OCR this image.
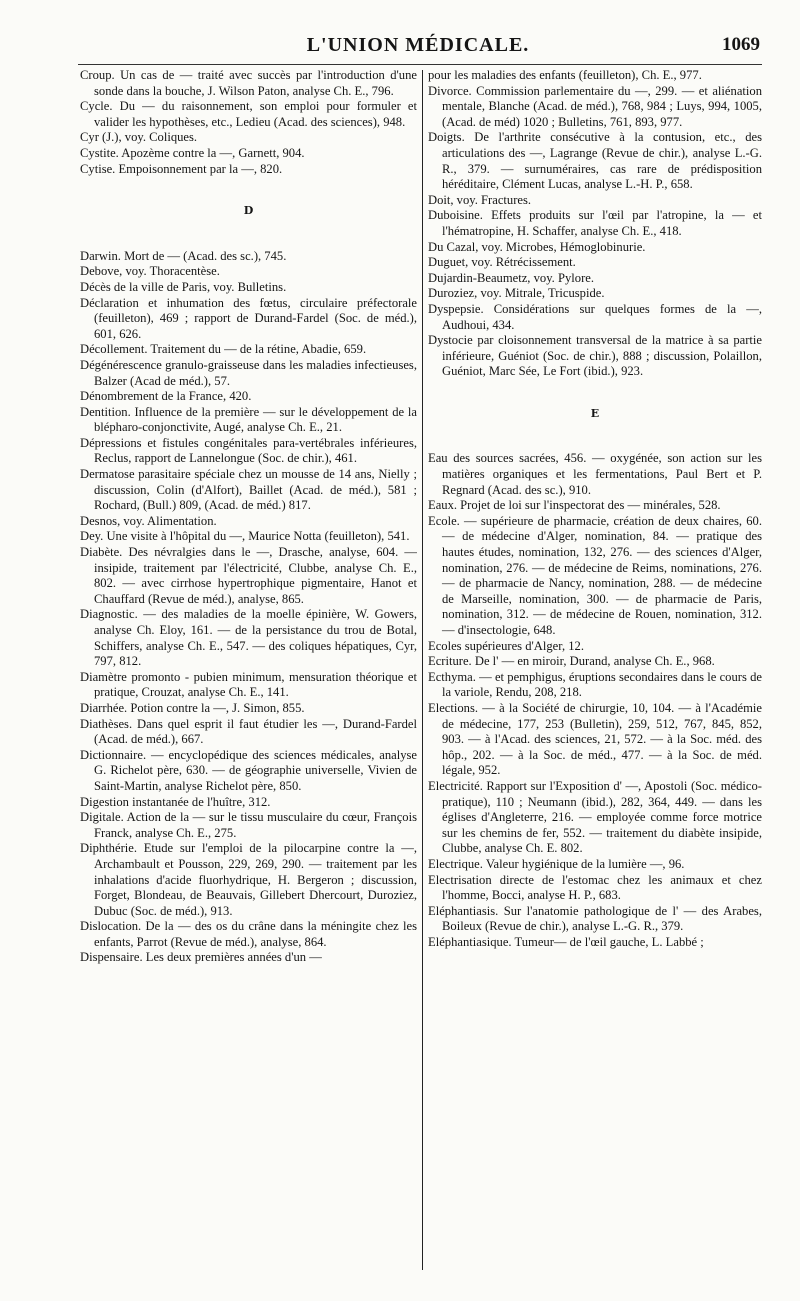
L'UNION MÉDICALE.	1069

Croup. Un cas de — traité avec succès par l'introduction d'une sonde dans la bouche, J. Wilson Paton, analyse Ch. E., 796.

Cycle. Du — du raisonnement, son emploi pour formuler et valider les hypothèses, etc., Ledieu (Acad. des sciences), 948.

Cyr (J.), voy. Coliques.

Cystite. Apozème contre la —, Garnett, 904.

Cytise. Empoisonnement par la —, 820.

D

Darwin. Mort de — (Acad. des sc.), 745.

Debove, voy. Thoracentèse.

Décès de la ville de Paris, voy. Bulletins.

Déclaration et inhumation des fœtus, circulaire préfectorale (feuilleton), 469 ; rapport de Durand-Fardel (Soc. de méd.), 601, 626.

Décollement. Traitement du — de la rétine, Abadie, 659.

Dégénérescence granulo-graisseuse dans les maladies infectieuses, Balzer (Acad de méd.), 57.

Dénombrement de la France, 420.

Dentition. Influence de la première — sur le développement de la blépharo-conjonctivite, Augé, analyse Ch. E., 21.

Dépressions et fistules congénitales para-vertébrales inférieures, Reclus, rapport de Lannelongue (Soc. de chir.), 461.

Dermatose parasitaire spéciale chez un mousse de 14 ans, Nielly ; discussion, Colin (d'Alfort), Baillet (Acad. de méd.), 581 ; Rochard, (Bull.) 809, (Acad. de méd.) 817.

Desnos, voy. Alimentation.

Dey. Une visite à l'hôpital du —, Maurice Notta (feuilleton), 541.

Diabète. Des névralgies dans le —, Drasche, analyse, 604. — insipide, traitement par l'électricité, Clubbe, analyse Ch. E., 802. — avec cirrhose hypertrophique pigmentaire, Hanot et Chauffard (Revue de méd.), analyse, 865.

Diagnostic. — des maladies de la moelle épinière, W. Gowers, analyse Ch. Eloy, 161. — de la persistance du trou de Botal, Schiffers, analyse Ch. E., 547. — des coliques hépatiques, Cyr, 797, 812.

Diamètre promonto - pubien minimum, mensuration théorique et pratique, Crouzat, analyse Ch. E., 141.

Diarrhée. Potion contre la —, J. Simon, 855.

Diathèses. Dans quel esprit il faut étudier les —, Durand-Fardel (Acad. de méd.), 667.

Dictionnaire. — encyclopédique des sciences médicales, analyse G. Richelot père, 630. — de géographie universelle, Vivien de Saint-Martin, analyse Richelot père, 850.

Digestion instantanée de l'huître, 312.

Digitale. Action de la — sur le tissu musculaire du cœur, François Franck, analyse Ch. E., 275.

Diphthérie. Etude sur l'emploi de la pilocarpine contre la —, Archambault et Pousson, 229, 269, 290. — traitement par les inhalations d'acide fluorhydrique, H. Bergeron ; discussion, Forget, Blondeau, de Beauvais, Gillebert Dhercourt, Duroziez, Dubuc (Soc. de méd.), 913.

Dislocation. De la — des os du crâne dans la méningite chez les enfants, Parrot (Revue de méd.), analyse, 864.

Dispensaire. Les deux premières années d'un —

pour les maladies des enfants (feuilleton), Ch. E., 977.

Divorce. Commission parlementaire du —, 299. — et aliénation mentale, Blanche (Acad. de méd.), 768, 984 ; Luys, 994, 1005, (Acad. de méd) 1020 ; Bulletins, 761, 893, 977.

Doigts. De l'arthrite consécutive à la contusion, etc., des articulations des —, Lagrange (Revue de chir.), analyse L.-G. R., 379. — surnuméraires, cas rare de prédisposition héréditaire, Clément Lucas, analyse L.-H. P., 658.

Doit, voy. Fractures.

Duboisine. Effets produits sur l'œil par l'atropine, la — et l'hématropine, H. Schaffer, analyse Ch. E., 418.

Du Cazal, voy. Microbes, Hémoglobinurie.

Duguet, voy. Rétrécissement.

Dujardin-Beaumetz, voy. Pylore.

Duroziez, voy. Mitrale, Tricuspide.

Dyspepsie. Considérations sur quelques formes de la —, Audhoui, 434.

Dystocie par cloisonnement transversal de la matrice à sa partie inférieure, Guéniot (Soc. de chir.), 888 ; discussion, Polaillon, Guéniot, Marc Sée, Le Fort (ibid.), 923.

E

Eau des sources sacrées, 456. — oxygénée, son action sur les matières organiques et les fermentations, Paul Bert et P. Regnard (Acad. des sc.), 910.

Eaux. Projet de loi sur l'inspectorat des — minérales, 528.

Ecole. — supérieure de pharmacie, création de deux chaires, 60. — de médecine d'Alger, nomination, 84. — pratique des hautes études, nomination, 132, 276. — des sciences d'Alger, nomination, 276. — de médecine de Reims, nominations, 276. — de pharmacie de Nancy, nomination, 288. — de médecine de Marseille, nomination, 300. — de pharmacie de Paris, nomination, 312. — de médecine de Rouen, nomination, 312. — d'insectologie, 648.

Ecoles supérieures d'Alger, 12.

Ecriture. De l' — en miroir, Durand, analyse Ch. E., 968.

Ecthyma. — et pemphigus, éruptions secondaires dans le cours de la variole, Rendu, 208, 218.

Elections. — à la Société de chirurgie, 10, 104. — à l'Académie de médecine, 177, 253 (Bulletin), 259, 512, 767, 845, 852, 903. — à l'Acad. des sciences, 21, 572. — à la Soc. méd. des hôp., 202. — à la Soc. de méd., 477. — à la Soc. de méd. légale, 952.

Electricité. Rapport sur l'Exposition d' —, Apostoli (Soc. médico-pratique), 110 ; Neumann (ibid.), 282, 364, 449. — dans les églises d'Angleterre, 216. — employée comme force motrice sur les chemins de fer, 552. — traitement du diabète insipide, Clubbe, analyse Ch. E. 802.

Electrique. Valeur hygiénique de la lumière —, 96.

Electrisation directe de l'estomac chez les animaux et chez l'homme, Bocci, analyse H. P., 683.

Eléphantiasis. Sur l'anatomie pathologique de l' — des Arabes, Boileux (Revue de chir.), analyse L.-G. R., 379.

Eléphantiasique. Tumeur— de l'œil gauche, L. Labbé ;
